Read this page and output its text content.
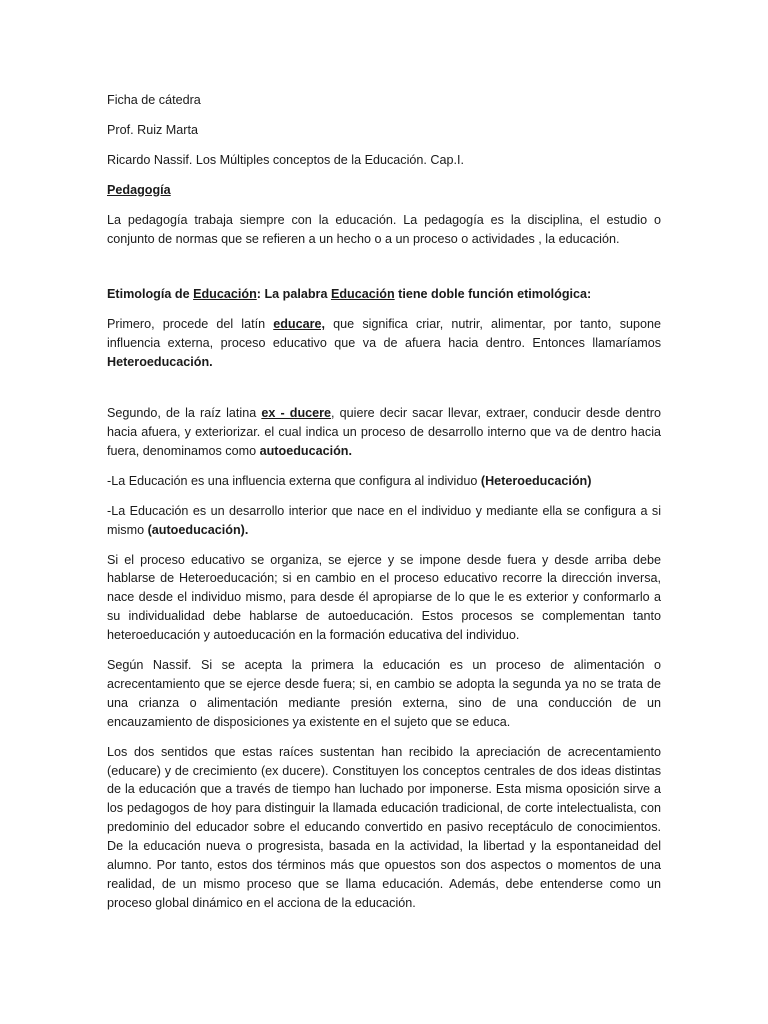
Ficha de cátedra

Prof. Ruiz Marta

Ricardo Nassif. Los Múltiples conceptos de la Educación. Cap.I.

Pedagogía

La pedagogía trabaja siempre con la educación. La pedagogía es la disciplina, el estudio o conjunto de normas que se refieren a un hecho o a un proceso o actividades , la educación.

Etimología de Educación: La palabra Educación tiene doble función etimológica:

Primero, procede del latín educare, que significa criar, nutrir, alimentar, por tanto, supone influencia externa, proceso educativo que va de afuera hacia dentro. Entonces llamaríamos Heteroeducación.

Segundo, de la raíz latina ex - ducere, quiere decir sacar llevar, extraer, conducir desde dentro hacia afuera, y exteriorizar. el cual indica un proceso de desarrollo interno que va de dentro hacia fuera, denominamos como autoeducación.

-La Educación es una influencia externa que configura al individuo (Heteroeducación)

-La Educación es un desarrollo interior que nace en el individuo y mediante ella se configura a si mismo (autoeducación).

Si el proceso educativo se organiza, se ejerce y se impone desde fuera y desde arriba debe hablarse de Heteroeducación; si en cambio en el proceso educativo recorre la dirección inversa, nace desde el individuo mismo, para desde él apropiarse de lo que le es exterior y conformarlo a su individualidad debe hablarse de autoeducación. Estos procesos se complementan tanto heteroeducación y autoeducación en la formación educativa del individuo.

Según Nassif. Si se acepta la primera la educación es un proceso de alimentación o acrecentamiento que se ejerce desde fuera; si, en cambio se adopta la segunda ya no se trata de una crianza o alimentación mediante presión externa, sino de una conducción de un encauzamiento de disposiciones ya existente en el sujeto que se educa.

Los dos sentidos que estas raíces sustentan han recibido la apreciación de acrecentamiento (educare) y de crecimiento (ex ducere). Constituyen los conceptos centrales de dos ideas distintas de la educación que a través de tiempo han luchado por imponerse. Esta misma oposición sirve a los pedagogos de hoy para distinguir la llamada educación tradicional, de corte intelectualista, con predominio del educador sobre el educando convertido en pasivo receptáculo de conocimientos. De la educación nueva o progresista, basada en la actividad, la libertad y la espontaneidad del alumno. Por tanto, estos dos términos más que opuestos son dos aspectos o momentos de una realidad, de un mismo proceso que se llama educación. Además, debe entenderse como un proceso global dinámico en el acciona de la educación.
